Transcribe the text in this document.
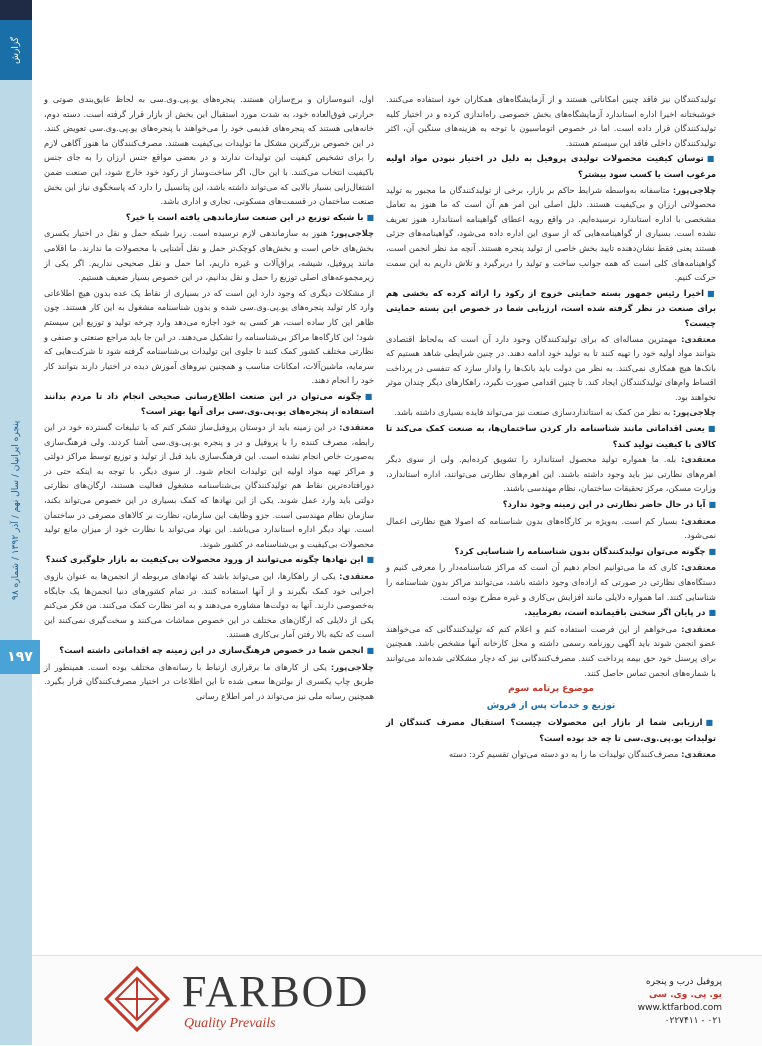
گزارش
پنجره ایرانیان / سال نهم / آذر ۱۳۹۲ / شماره ۹۸
۱۹۷

تولیدکنندگان نیز فاقد چنین امکاناتی هستند و از آزمایشگاه‌های همکاران خود استفاده می‌کنند. خوشبختانه اخیرا اداره استاندارد آزمایشگاه‌های بخش خصوصی راه‌اندازی کرده و در اختیار کلیه تولیدکنندگان قرار داده است. اما در خصوص اتوماسیون با توجه به هزینه‌های سنگین آن، اکثر تولیدکنندگان داخلی فاقد این سیستم هستند.

■ توسان کیفیت محصولات تولیدی پروفیل به دلیل در اختیار نبودن مواد اولیه مرغوب است یا کسب سود بیشتر؟

چلاجی‌پور: متاسفانه به‌واسطه شرایط حاکم بر بازار، برخی از تولیدکنندگان ما مجبور به تولید محصولاتی ارزان و بی‌کیفیت هستند. دلیل اصلی این امر هم آن است که ما هنوز به تعامل مشخصی با اداره استاندارد نرسیده‌ایم. در واقع رویه اعطای گواهینامه استاندارد هنوز تعریف نشده است. بسیاری از گواهینامه‌هایی که از سوی این اداره داده می‌شود، گواهینامه‌های جزئی هستند یعنی فقط نشان‌دهنده تایید بخش خاصی از تولید پنجره هستند. آنچه مد نظر انجمن است، گواهینامه‌های کلی است که همه جوانب ساخت و تولید را دربرگیرد و تلاش داریم به این سمت حرکت کنیم.

■ اخیرا رئیس جمهور بسته حمایتی خروج از رکود را ارائه کرده که بخشی هم برای صنعت در نظر گرفته شده است، ارزیابی شما در خصوص این بسته حمایتی چیست؟

معتقدی: مهمترین مساله‌ای که برای تولیدکنندگان وجود دارد آن است که به‌لحاظ اقتصادی بتوانند مواد اولیه خود را تهیه کنند تا به تولید خود ادامه دهند. در چنین شرایطی شاهد هستیم که بانک‌ها هیچ همکاری نمی‌کنند. به نظر من دولت باید بانک‌ها را وادار سازد که تنفسی در پرداخت اقساط وام‌های تولیدکنندگان ایجاد کند. تا چنین اقدامی صورت نگیرد، راهکارهای دیگر چندان موثر نخواهند بود.

چلاجی‌پور: به نظر من کمک به استانداردسازی صنعت نیز می‌تواند فایده بسیاری داشته باشد.

■ یعنی اقداماتی مانند شناسنامه دار کردن ساختمان‌ها، به صنعت کمک می‌کند تا کالای با کیفیت تولید کند؟

معتقدی: بله. ما همواره تولید محصول استاندارد را تشویق کرده‌ایم. ولی از سوی دیگر اهرم‌های نظارتی نیز باید وجود داشته باشند. این اهرم‌های نظارتی می‌توانند، اداره استاندارد، وزارت مسکن، مرکز تحقیقات ساختمان، نظام مهندسی باشند.

■ آیا در حال حاضر نظارتی در این زمینه وجود ندارد؟

معتقدی: بسیار کم است. به‌ویژه بر کارگاه‌های بدون شناسنامه که اصولا هیچ نظارتی اعمال نمی‌شود.

■ چگونه می‌توان تولیدکنندگان بدون شناسنامه را شناسایی کرد؟

معتقدی: کاری که ما می‌توانیم انجام دهیم آن است که مراکز شناسنامه‌دار را معرفی کنیم و دستگاه‌های نظارتی در صورتی که اراده‌ای وجود داشته باشد، می‌توانند مراکز بدون شناسنامه را شناسایی کنند. اما همواره دلایلی مانند افزایش بی‌کاری و غیره مطرح بوده است.

■ در پایان اگر سخنی باقیمانده است، بفرمایید.

معتقدی: می‌خواهم از این فرصت استفاده کنم و اعلام کنم که تولیدکنندگانی که می‌خواهند عضو انجمن شوند باید آگهی روزنامه رسمی داشته و محل کارخانه آنها مشخص باشد. همچنین برای پرسنل خود حق بیمه پرداخت کنند. مصرف‌کنندگانی نیز که دچار مشکلاتی شده‌اند می‌توانند با شماره‌های انجمن تماس حاصل کنند.

موضوع پرتامه سوم
توزیع و خدمات پس از فروش

■ ارزیابی شما از بازار این محصولات چیست؟ استقبال مصرف کنندگان از تولیدات یو.پی.وی.سی تا چه حد بوده است؟

معتقدی: مصرف‌کنندگان تولیدات ما را به دو دسته می‌توان تقسیم کرد: دسته

اول، انبوه‌سازان و برج‌سازان هستند. پنجره‌های یو.پی.وی.سی به لحاظ عایق‌بندی صوتی و حرارتی فوق‌العاده خود، به شدت مورد استقبال این بخش از بازار قرار گرفته است. دسته دوم، خانه‌هایی هستند که پنجره‌های قدیمی خود را می‌خواهند با پنجره‌های یو.پی.وی.سی تعویض کنند. در این خصوص بزرگترین مشکل ما تولیدات بی‌کیفیت هستند. مصرف‌کنندگان ما هنوز آگاهی لازم را برای تشخیص کیفیت این تولیدات ندارند و در بعضی مواقع جنس ارزان را به جای جنس باکیفیت انتخاب می‌کنند. با این حال، اگر ساخت‌وساز از رکود خود خارج شود، این صنعت ضمن اشتغال‌زایی بسیار بالایی که می‌تواند داشته باشد، این پتانسیل را دارد که پاسخگوی نیاز این بخش صنعت ساختمان در قسمت‌های مسکونی، تجاری و اداری باشد.

■ با شبکه توزیع در این صنعت سازماندهی یافته است یا خیر؟

چلاجی‌پور: هنوز به سازماندهی لازم نرسیده است. زیرا شبکه حمل و نقل در اختیار یکسری بخش‌های خاص است و بخش‌های کوچک‌تر حمل و نقل آشنایی با محصولات ما ندارند. ما اقلامی مانند پروفیل، شیشه، یراق‌آلات و غیره داریم، اما حمل و نقل صحیحی نداریم. اگر یکی از زیرمجموعه‌های اصلی توزیع را حمل و نقل بدانیم، در این خصوص بسیار ضعیف هستیم.

از مشکلات دیگری که وجود دارد این است که در بسیاری از نقاط یک عده بدون هیچ اطلاعاتی وارد کار تولید پنجره‌های یو.پی.وی.سی شده و بدون شناسنامه مشغول به این کار هستند. چون ظاهر این کار ساده است، هر کسی به خود اجازه می‌دهد وارد چرخه تولید و توزیع این سیستم شود؛ این کارگاه‌ها مراکز بی‌شناسنامه را تشکیل می‌دهند. در این جا باید مراجع صنعتی و صنفی و نظارتی مختلف کشور کمک کنند تا جلوی این تولیدات بی‌شناسنامه گرفته شود تا شرکت‌هایی که سرمایه، ماشین‌آلات، امکانات مناسب و همچنین نیروهای آموزش دیده در اختیار دارند بتوانند کار خود را انجام دهند.

■ چگونه می‌توان در این صنعت اطلاع‌رسانی صحیحی انجام داد تا مردم بدانند استفاده از پنجره‌های یو.پی.وی.سی برای آنها بهتر است؟

معتقدی: در این زمینه باید از دوستان پروفیل‌ساز تشکر کنم که با تبلیغات گسترده خود در این رابطه، مصرف کننده را با پروفیل و در و پنجره یو.پی.وی.سی آشنا کردند. ولی فرهنگ‌سازی به‌صورت خاص انجام نشده است. این فرهنگ‌سازی باید قبل از تولید و توزیع توسط مراکز دولتی و مراکز تهیه مواد اولیه این تولیدات انجام شود. از سوی دیگر، با توجه به اینکه حتی در دورافتاده‌ترین نقاط هم تولیدکنندگان بی‌شناسنامه مشغول فعالیت هستند، ارگان‌های نظارتی دولتی باید وارد عمل شوند. یکی از این نهادها که کمک بسیاری در این خصوص می‌تواند بکند، سازمان نظام مهندسی است. جزو وظایف این سازمان، نظارت بر کالاهای مصرفی در ساختمان است. نهاد دیگر اداره استاندارد می‌باشد. این نهاد می‌تواند با نظارت خود از میزان مانع تولید محصولات بی‌کیفیت و بی‌شناسنامه در کشور شوند.

■ این نهادها چگونه می‌توانند از ورود محصولات بی‌کیفیت به بازار جلوگیری کنند؟

معتقدی: یکی از راهکارها، این می‌تواند باشد که نهادهای مربوطه از انجمن‌ها به عنوان بازوی اجرایی خود کمک بگیرند و از آنها استفاده کنند. در تمام کشورهای دنیا انجمن‌ها یک جایگاه به‌خصوصی دارند. آنها به دولت‌ها مشاوره می‌دهند و به امر نظارت کمک می‌کنند. من فکر می‌کنم یکی از دلایلی که ارگان‌های مختلف در این خصوص مماشات می‌کنند و سخت‌گیری نمی‌کنند این است که تکیه بالا رفتن آمار بی‌کاری هستند.

■ انجمن شما در خصوص فرهنگ‌سازی در این زمینه چه اقداماتی داشته است؟

چلاجی‌پور: یکی از کارهای ما برقراری ارتباط با رسانه‌های مختلف بوده است. همینطور از طریق چاپ یکسری از بولتن‌ها سعی شده تا این اطلاعات در اختیار مصرف‌کنندگان قرار بگیرد. همچنین رسانه ملی نیز می‌تواند در امر اطلاع رسانی

FARBOD
Quality Prevails
پروفیل درب و پنجره
یو. پی. وی. سی
www.ktfarbod.com
۰۲۱ - ۰۲۲۷۴۱۱
